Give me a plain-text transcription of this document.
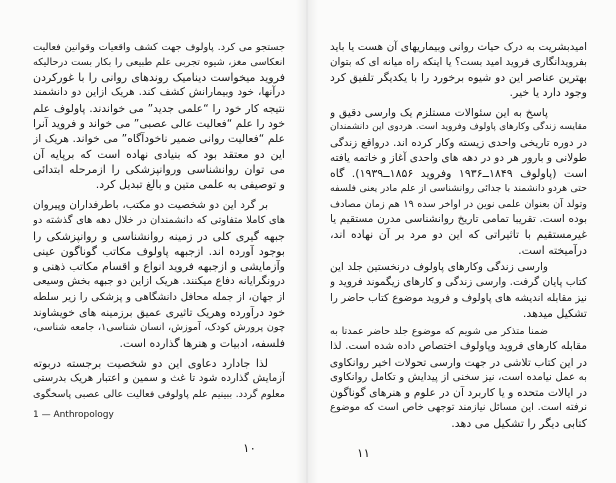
جستجو می کرد. پاولوف جهت کشف واقعیات وقوانین فعالیت
انعکاسی مغز، شیوه تجربی علم طبیعی را بکار بست درحالیکه
فروید میخواست دینامیک روندهای روانی را با غورکردن
درآنها، خود وبیمارانش کشف کند. هریک ازاین دو دانشمند
نتیجه کار خود را “علمی جدید” می خواندند. پاولوف علم
خود را علم “فعالیت عالی عصبی” می خواند و فروید آنرا
علم “فعالیت روانی ضمیر ناخودآگاه” می خواند. هریک از
این دو معتقد بود که بنیادی نهاده است که برپایه آن
می توان روانشناسی وروانپزشکی را ازمرحله ابتدائی
و توصیفی به علمی متین و بالغ تبدیل کرد.
بر گرد این دو شخصیت دو مکتب، باطرفداران وپیروان
های کاملا متفاوتی که دانشمندان در خلال دهه های گذشته دو
جبهه گیری کلی در زمینه روانشناسی و روانپزشکی را
بوجود آورده اند. ازجبهه پاولوف مکاتب گوناگون عینی
وآزمایشی و ازجبهه فروید انواع و اقسام مکاتب ذهنی و
درونگرایانه دفاع میکنند. هریک ازاین دو جبهه بخش وسیعی
از جهان، از جمله محافل دانشگاهی و پزشکی را زیر سلطه
خود درآورده وهریک تاثیری عمیق برزمینه های خویشاوند
چون پرورش کودک، آموزش، انسان شناسی۱، جامعه شناسی،
فلسفه، ادبیات و هنرها گذارده است.
لذا جادارد دعاوی این دو شخصیت برجسته دربوته
آزمایش گذارده شود تا غث و سمین و اعتبار هریک بدرستی
معلوم گردد. ببینیم علم پاولوفی فعالیت عالی عصبی پاسخگوی
1 — Anthropology
۱۰
امیدبشریت به درک حیات روانی وبیماریهای آن هست یا باید
بفرویدانگاری فروید امید بست؟ یا اینکه راه میانه ای که بتوان
بهترین عناصر این دو شیوه برخورد را با یکدیگر تلفیق کرد
وجود دارد یا خیر.
پاسخ به این سئوالات مستلزم یک وارسی دقیق و
مقایسه زندگی وکارهای پاولوف وفروید است. هردوی این دانشمندان
در دوره تاریخی واحدی زیسته وکار کرده اند. درواقع زندگی
طولانی و بارور هر دو در دهه های واحدی آغاز و خاتمه یافته
است (پاولوف ۱۸۴۹ــ۱۹۳۶ وفروید ۱۸۵۶ــ۱۹۳۹). گاه
حتی هردو دانشمند با جدائی روانشناسی از علم مادر یعنی فلسفه
وتولد آن بعنوان علمی نوین در اواخر سده ۱۹ هم زمان مصادف
بوده است. تقریبا تمامی تاریخ روانشناسی مدرن مستقیم یا
غیرمستقیم با تاثیراتی که این دو مرد بر آن نهاده اند،
درآمیخته است.
وارسی زندگی وکارهای پاولوف درنخستین جلد این
کتاب پایان گرفت. وارسی زندگی و کارهای زیگموند فروید و
نیز مقابله اندیشه های پاولوف و فروید موضوع کتاب حاضر را
تشکیل میدهد.
ضمنا متذکر می شویم که موضوع جلد حاضر عمدتا به
مقابله کارهای فروید وپاولوف اختصاص داده شده است. لذا
در این کتاب تلاشی در جهت وارسی تحولات اخیر روانکاوی
به عمل نیامده است، نیز سخنی از پیدایش و تکامل روانکاوی
در ایالات متحده و یا کاربرد آن در علوم و هنرهای گوناگون
نرفته است. این مسائل نیازمند توجهی خاص است که موضوع
کتابی دیگر را تشکیل می دهد.
۱۱
